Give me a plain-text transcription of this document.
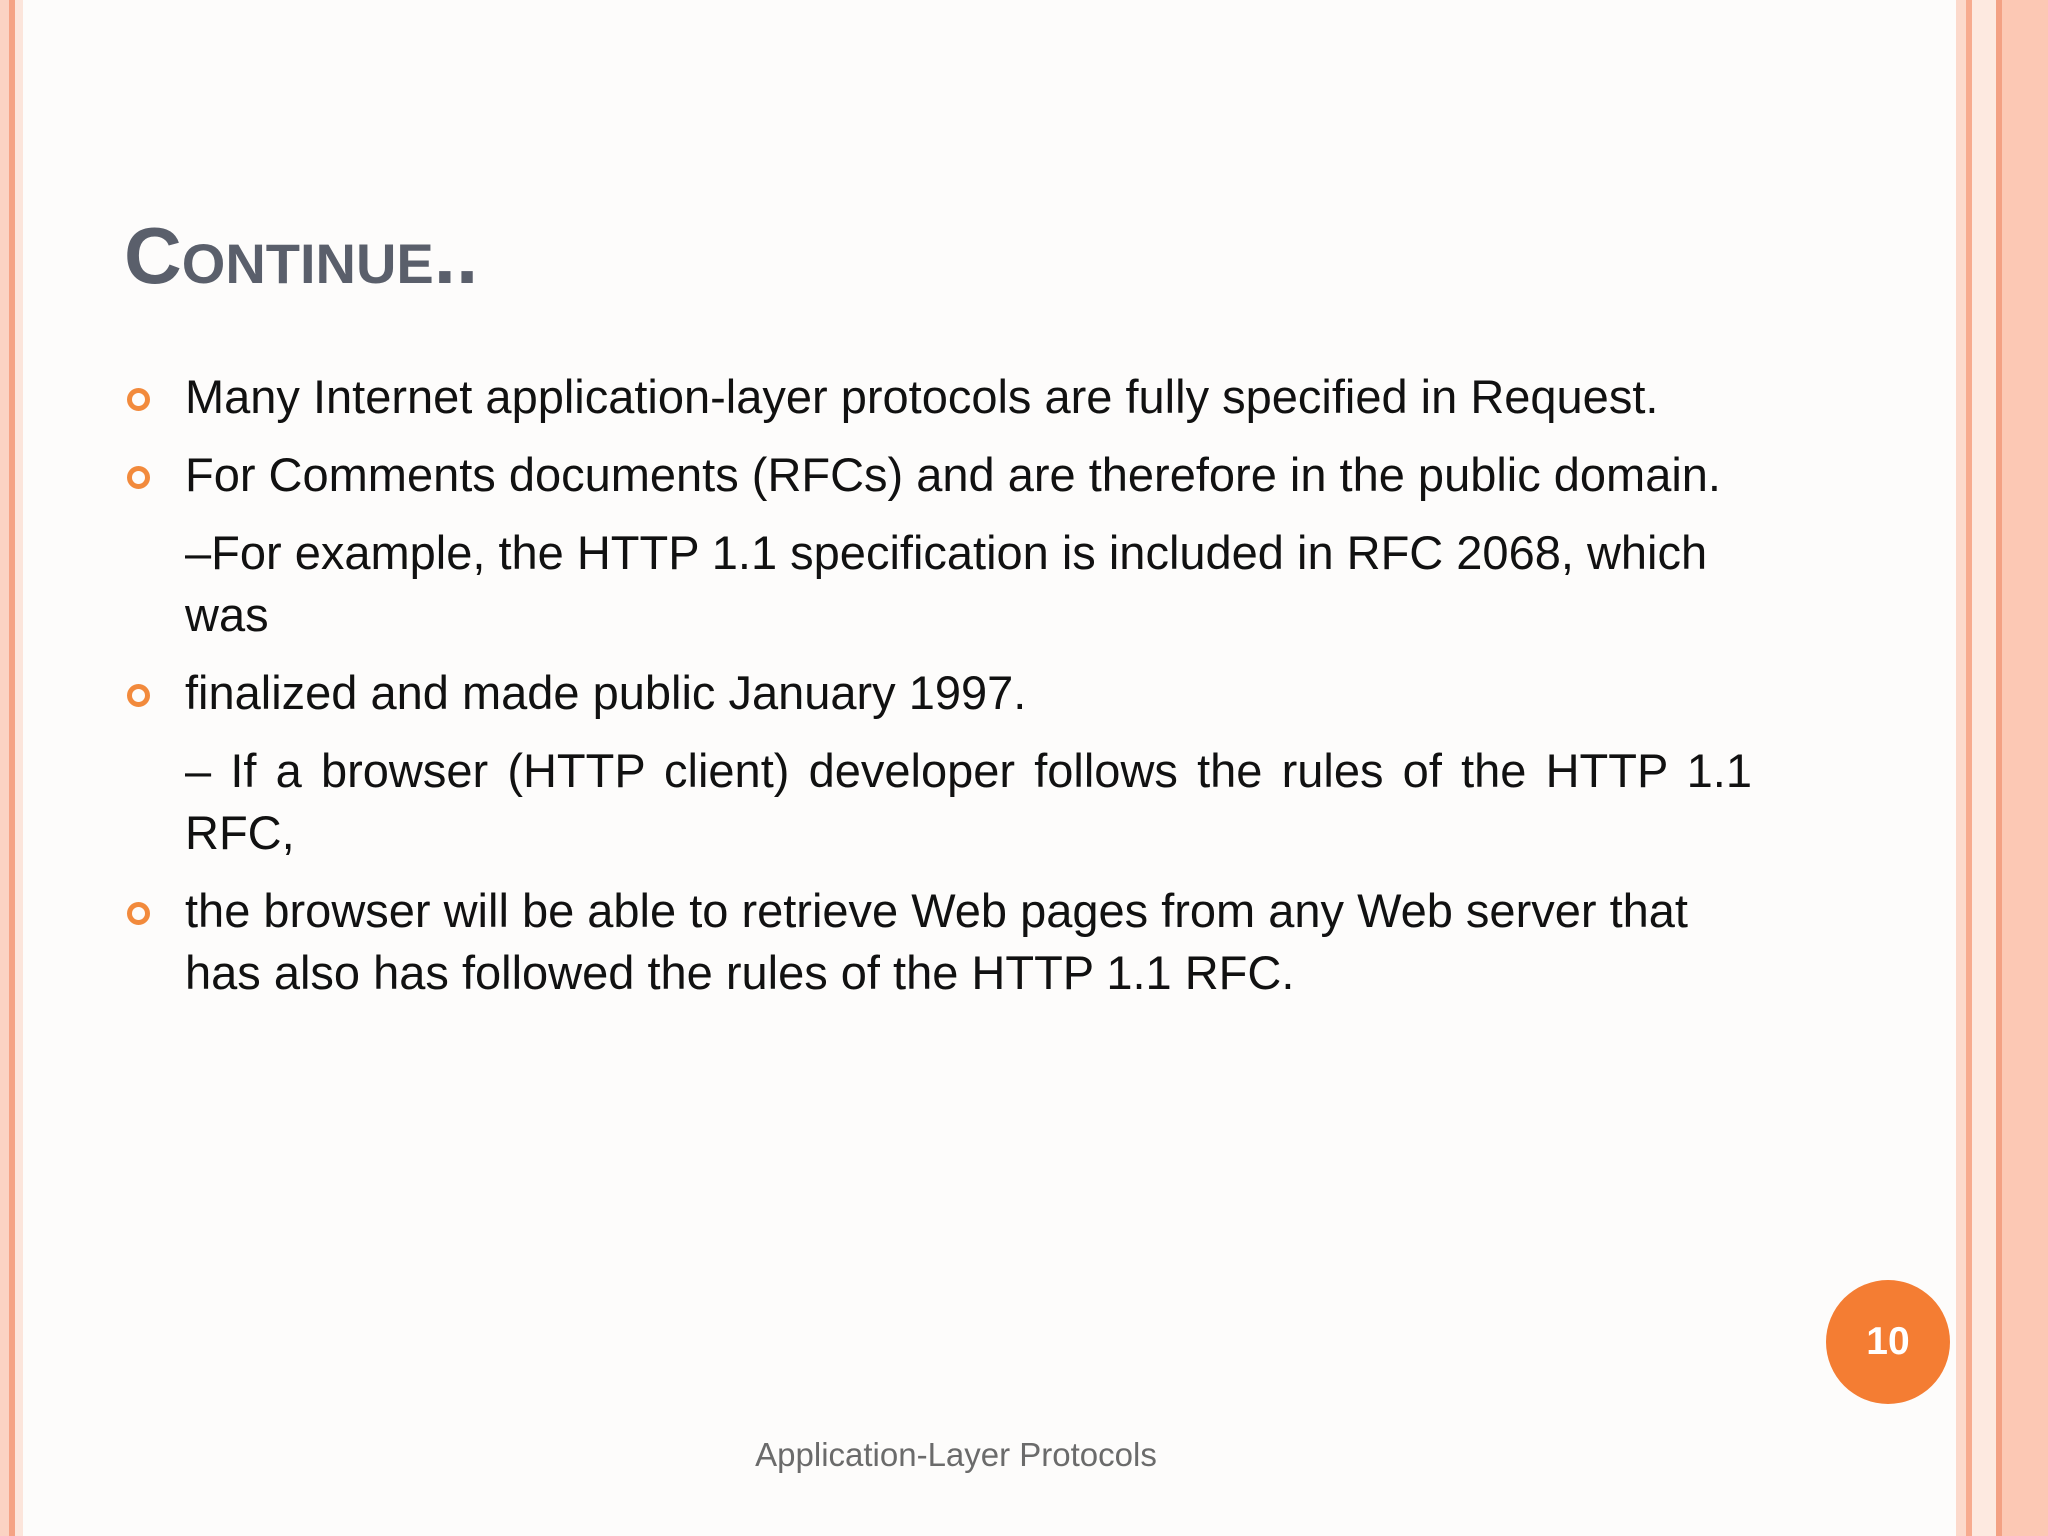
Continue..
Many Internet application-layer protocols are fully specified in Request.
For Comments documents (RFCs) and are therefore in the public domain.
–For example, the HTTP 1.1 specification is included in RFC 2068, which was
finalized and made public January 1997.
– If a browser (HTTP client) developer follows the rules of the HTTP 1.1 RFC,
the browser will be able to retrieve Web pages from any Web server that has also has followed the rules of the HTTP 1.1 RFC.
10
Application-Layer Protocols
